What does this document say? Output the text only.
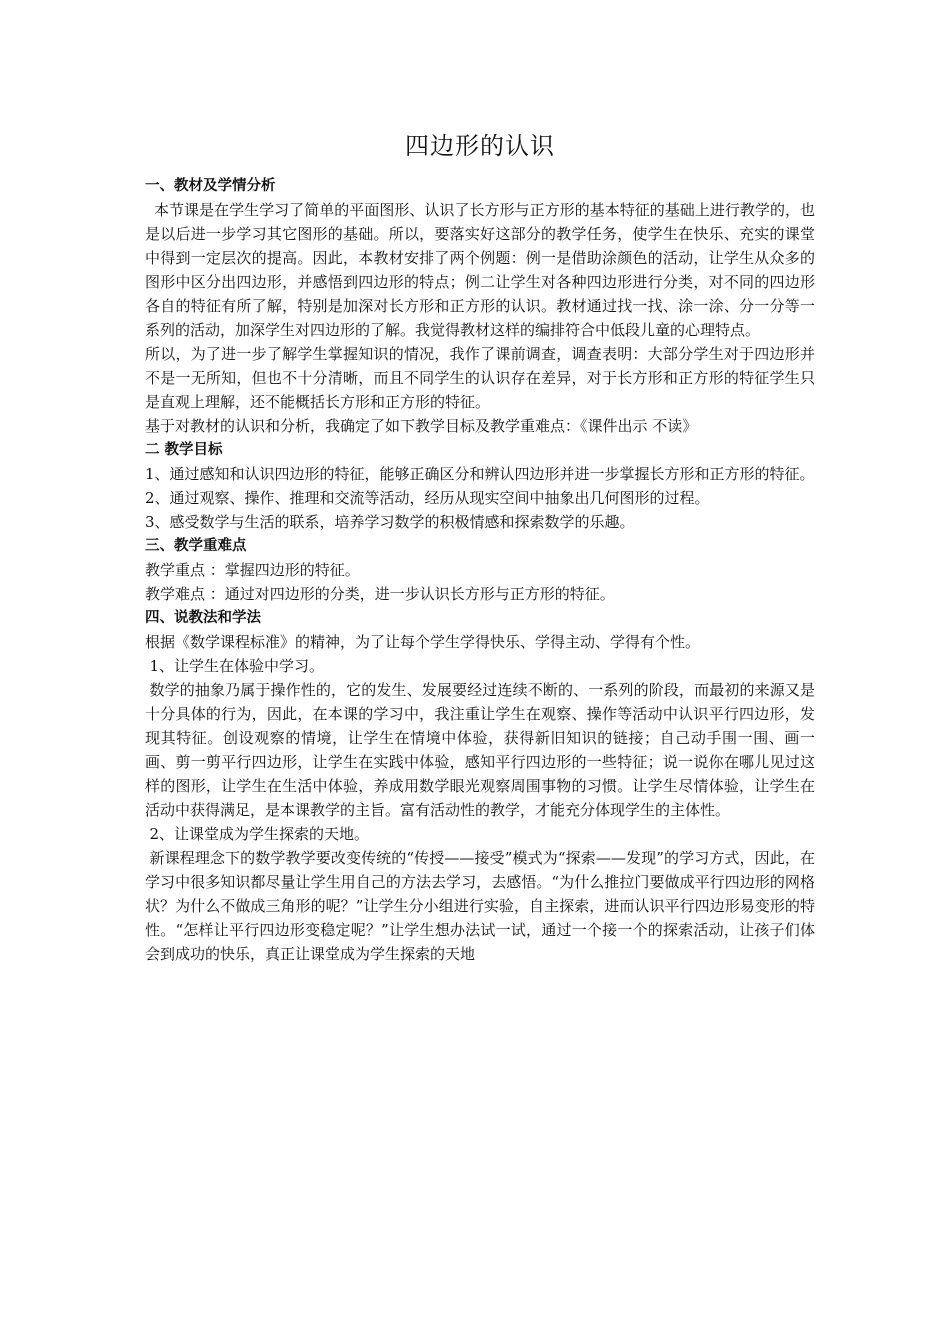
四边形的认识

一、教材及学情分析

本节课是在学生学习了简单的平面图形、认识了长方形与正方形的基本特征的基础上进行教学的，也是以后进一步学习其它图形的基础。所以，要落实好这部分的教学任务，使学生在快乐、充实的课堂中得到一定层次的提高。因此，本教材安排了两个例题：例一是借助涂颜色的活动，让学生从众多的图形中区分出四边形，并感悟到四边形的特点；例二让学生对各种四边形进行分类，对不同的四边形各自的特征有所了解，特别是加深对长方形和正方形的认识。教材通过找一找、涂一涂、分一分等一系列的活动，加深学生对四边形的了解。我觉得教材这样的编排符合中低段儿童的心理特点。

所以，为了进一步了解学生掌握知识的情况，我作了课前调查，调查表明：大部分学生对于四边形并不是一无所知，但也不十分清晰，而且不同学生的认识存在差异，对于长方形和正方形的特征学生只是直观上理解，还不能概括长方形和正方形的特征。

基于对教材的认识和分析，我确定了如下教学目标及教学重难点：《课件出示 不读》

二 教学目标

1、通过感知和认识四边形的特征，能够正确区分和辨认四边形并进一步掌握长方形和正方形的特征。

2、通过观察、操作、推理和交流等活动，经历从现实空间中抽象出几何图形的过程。

3、感受数学与生活的联系，培养学习数学的积极情感和探索数学的乐趣。

三、教学重难点

教学重点 ：掌握四边形的特征。

教学难点 ：通过对四边形的分类，进一步认识长方形与正方形的特征。

四、说教法和学法

根据《数学课程标准》的精神，为了让每个学生学得快乐、学得主动、学得有个性。

1、让学生在体验中学习。

数学的抽象乃属于操作性的，它的发生、发展要经过连续不断的、一系列的阶段，而最初的来源又是十分具体的行为，因此，在本课的学习中，我注重让学生在观察、操作等活动中认识平行四边形，发现其特征。创设观察的情境，让学生在情境中体验，获得新旧知识的链接；自己动手围一围、画一画、剪一剪平行四边形，让学生在实践中体验，感知平行四边形的一些特征；说一说你在哪儿见过这样的图形，让学生在生活中体验，养成用数学眼光观察周围事物的习惯。让学生尽情体验，让学生在活动中获得满足，是本课教学的主旨。富有活动性的教学，才能充分体现学生的主体性。

2、让课堂成为学生探索的天地。

新课程理念下的数学教学要改变传统的“传授——接受”模式为“探索——发现”的学习方式，因此，在学习中很多知识都尽量让学生用自己的方法去学习，去感悟。“为什么推拉门要做成平行四边形的网格状？为什么不做成三角形的呢？”让学生分小组进行实验，自主探索，进而认识平行四边形易变形的特性。“怎样让平行四边形变稳定呢？”让学生想办法试一试，通过一个接一个的探索活动，让孩子们体会到成功的快乐，真正让课堂成为学生探索的天地
